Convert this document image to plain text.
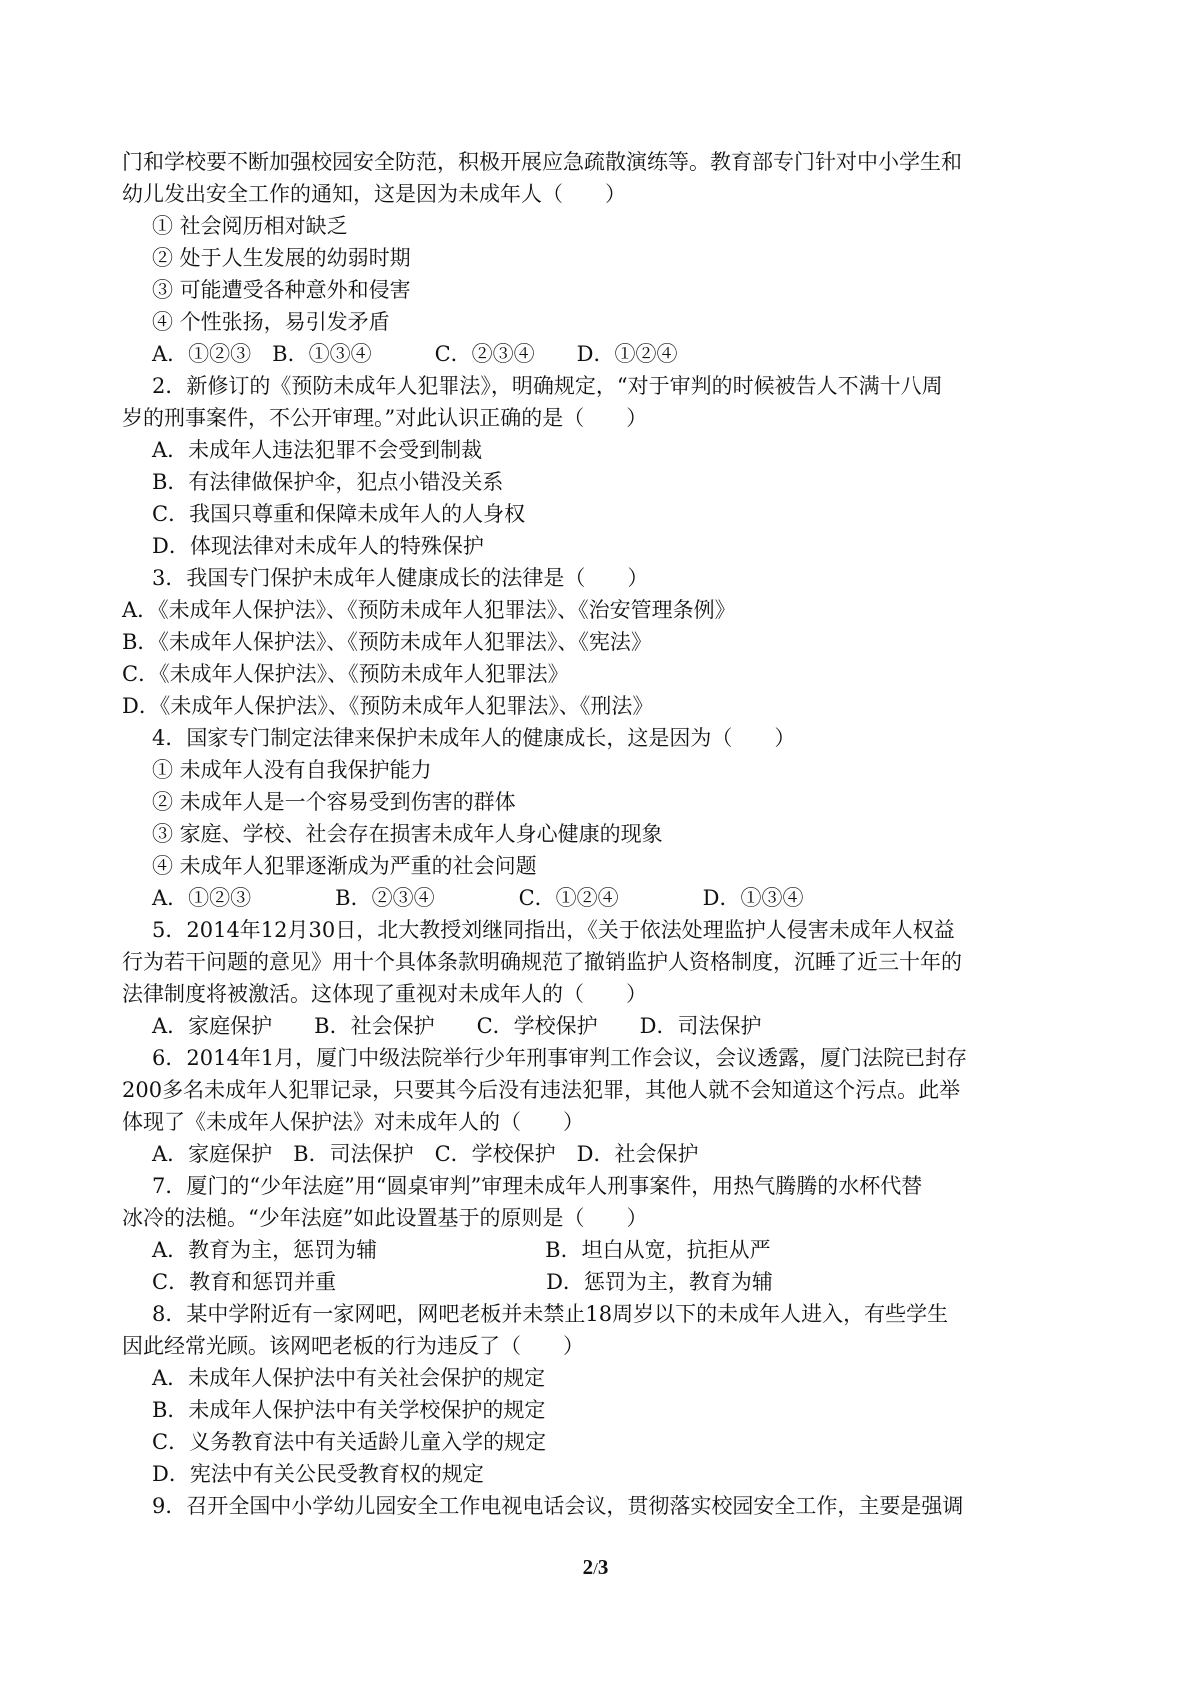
门和学校要不断加强校园安全防范，积极开展应急疏散演练等。教育部专门针对中小学生和
幼儿发出安全工作的通知，这是因为未成年人（　　）
① 社会阅历相对缺乏
② 处于人生发展的幼弱时期
③ 可能遭受各种意外和侵害
④ 个性张扬，易引发矛盾
A．①②③　B．①③④　　　C．②③④　　D．①②④
2．新修订的《预防未成年人犯罪法》，明确规定，“对于审判的时候被告人不满十八周
岁的刑事案件，不公开审理。”对此认识正确的是（　　）
A．未成年人违法犯罪不会受到制裁
B．有法律做保护伞，犯点小错没关系
C．我国只尊重和保障未成年人的人身权
D．体现法律对未成年人的特殊保护
3．我国专门保护未成年人健康成长的法律是（　　）
A．《未成年人保护法》、《预防未成年人犯罪法》、《治安管理条例》
B．《未成年人保护法》、《预防未成年人犯罪法》、《宪法》
C．《未成年人保护法》、《预防未成年人犯罪法》
D．《未成年人保护法》、《预防未成年人犯罪法》、《刑法》
4．国家专门制定法律来保护未成年人的健康成长，这是因为（　　）
① 未成年人没有自我保护能力
② 未成年人是一个容易受到伤害的群体
③ 家庭、学校、社会存在损害未成年人身心健康的现象
④ 未成年人犯罪逐渐成为严重的社会问题
A．①②③　　　　B．②③④　　　　C．①②④　　　　D．①③④
5．2014年12月30日，北大教授刘继同指出，《关于依法处理监护人侵害未成年人权益
行为若干问题的意见》用十个具体条款明确规范了撤销监护人资格制度，沉睡了近三十年的
法律制度将被激活。这体现了重视对未成年人的（　　）
A．家庭保护　　B．社会保护　　C．学校保护　　D．司法保护
6．2014年1月，厦门中级法院举行少年刑事审判工作会议，会议透露，厦门法院已封存
200多名未成年人犯罪记录，只要其今后没有违法犯罪，其他人就不会知道这个污点。此举
体现了《未成年人保护法》对未成年人的（　　）
A．家庭保护　B．司法保护　C．学校保护　D．社会保护
7．厦门的“少年法庭”用“圆桌审判”审理未成年人刑事案件，用热气腾腾的水杯代替
冰冷的法槌。“少年法庭”如此设置基于的原则是（　　）
A．教育为主，惩罚为辅　　　　　　　　B．坦白从宽，抗拒从严
C．教育和惩罚并重　　　　　　　　　　D．惩罚为主，教育为辅
8．某中学附近有一家网吧，网吧老板并未禁止18周岁以下的未成年人进入，有些学生
因此经常光顾。该网吧老板的行为违反了（　　）
A．未成年人保护法中有关社会保护的规定
B．未成年人保护法中有关学校保护的规定
C．义务教育法中有关适龄儿童入学的规定
D．宪法中有关公民受教育权的规定
9．召开全国中小学幼儿园安全工作电视电话会议，贯彻落实校园安全工作，主要是强调
2/3
